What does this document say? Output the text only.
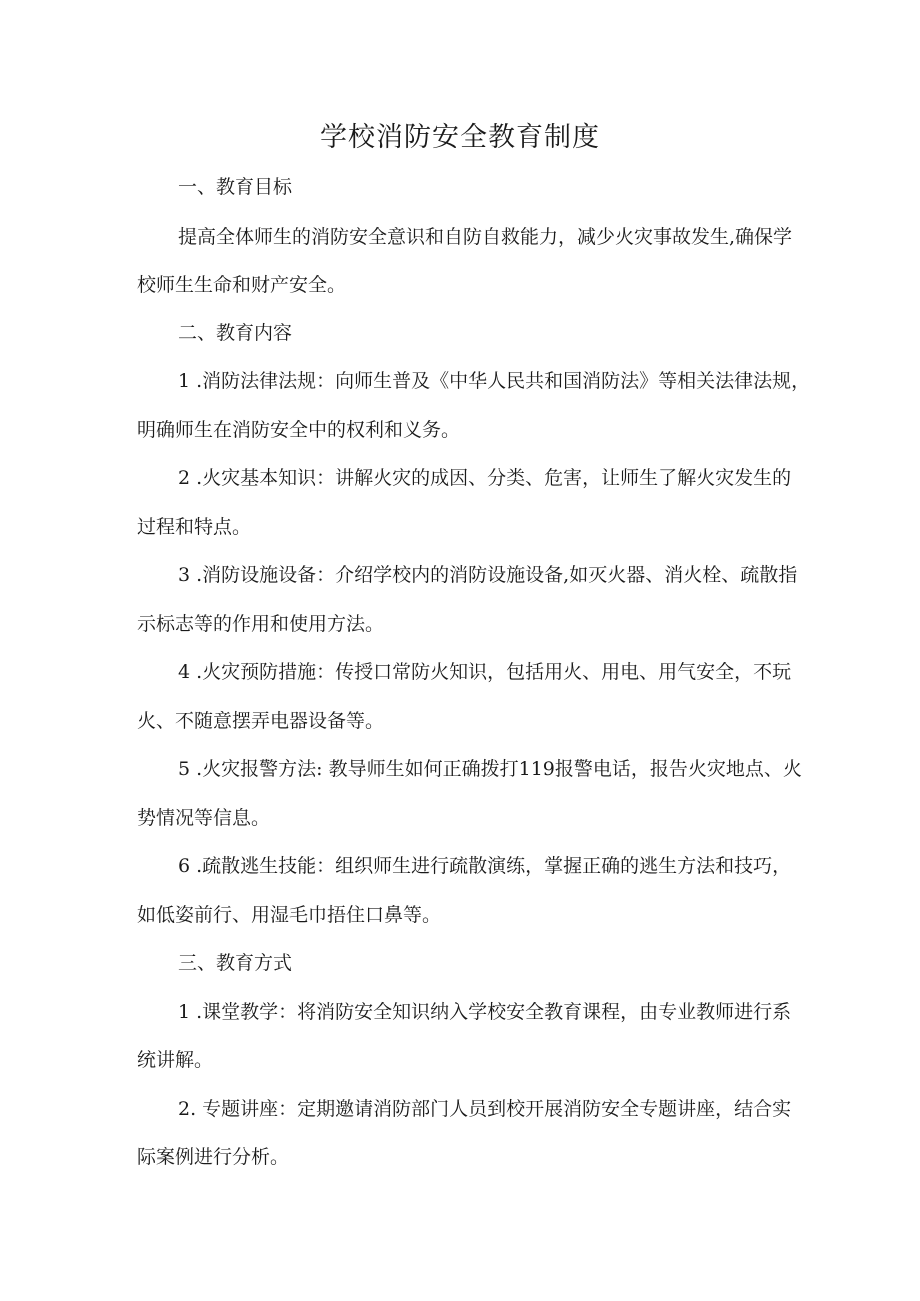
学校消防安全教育制度
一、教育目标
提高全体师生的消防安全意识和自防自救能力，减少火灾事故发生,确保学
校师生生命和财产安全。
二、教育内容
1 .消防法律法规：向师生普及《中华人民共和国消防法》等相关法律法规，
明确师生在消防安全中的权利和义务。
2 .火灾基本知识：讲解火灾的成因、分类、危害，让师生了解火灾发生的
过程和特点。
3 .消防设施设备：介绍学校内的消防设施设备,如灭火器、消火栓、疏散指
示标志等的作用和使用方法。
4 .火灾预防措施：传授口常防火知识，包括用火、用电、用气安全，不玩
火、不随意摆弄电器设备等。
5 .火灾报警方法: 教导师生如何正确拨打119报警电话，报告火灾地点、火
势情况等信息。
6 .疏散逃生技能：组织师生进行疏散演练，掌握正确的逃生方法和技巧，
如低姿前行、用湿毛巾捂住口鼻等。
三、教育方式
1 .课堂教学：将消防安全知识纳入学校安全教育课程，由专业教师进行系
统讲解。
2. 专题讲座：定期邀请消防部门人员到校开展消防安全专题讲座，结合实
际案例进行分析。
